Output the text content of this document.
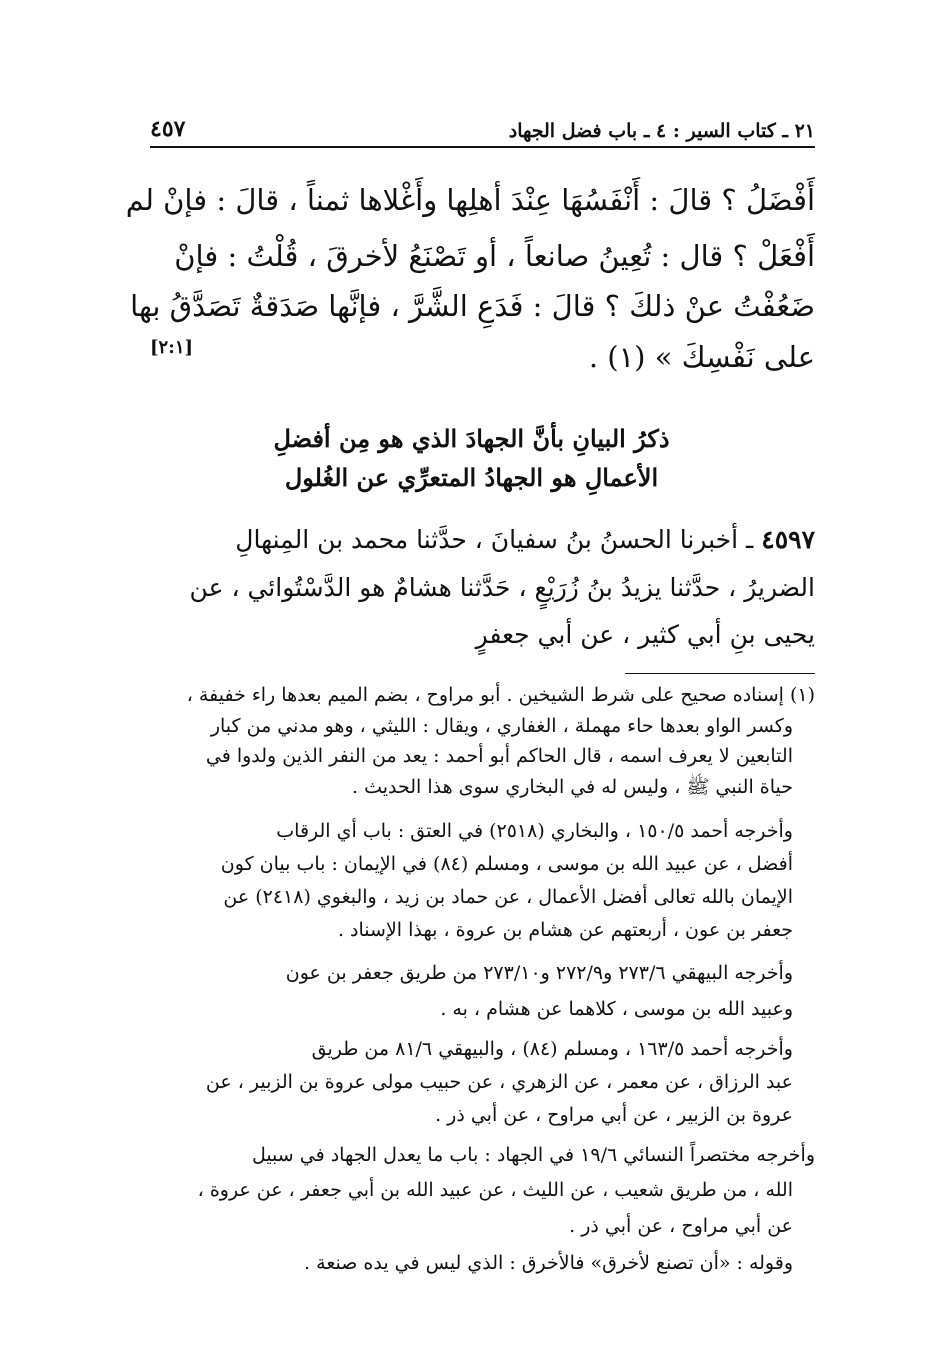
٢١ ـ كتاب السير : ٤ ـ باب فضل الجهاد
٤٥٧
أَفْضَلُ ؟ قالَ : أَنْفَسُهَا عِنْدَ أهلِها وأَغْلاها ثمناً ، قالَ : فإنْ لم
أَفْعَلْ ؟ قال : تُعِينُ صانعاً ، أو تَصْنَعُ لأخرقَ ، قُلْتُ : فإنْ
ضَعُفْتُ عنْ ذلكَ ؟ قالَ : فَدَعِ الشَّرَّ ، فإنَّها صَدَقةٌ تَصَدَّقُ بها
على نَفْسِكَ » (١) .
[٢:١]
ذكرُ البيانِ بأنَّ الجهادَ الذي هو مِن أفضلِ
الأعمالِ هو الجهادُ المتعرِّي عن الغُلول
٤٥٩٧ ـ أخبرنا الحسنُ بنُ سفيانَ ، حدَّثنا محمد بن المِنهالِ
الضريرُ ، حدَّثنا يزيدُ بنُ زُرَيْعٍ ، حَدَّثنا هشامٌ هو الدَّسْتُوائي ، عن
يحيى بنِ أبي كثير ، عن أبي جعفرٍ
(١) إسناده صحيح على شرط الشيخين . أبو مراوح ، بضم الميم بعدها راء خفيفة ،
وكسر الواو بعدها حاء مهملة ، الغفاري ، ويقال : الليثي ، وهو مدني من كبار
التابعين لا يعرف اسمه ، قال الحاكم أبو أحمد : يعد من النفر الذين ولدوا في
حياة النبي ﷺ ، وليس له في البخاري سوى هذا الحديث .
وأخرجه أحمد ١٥٠/٥ ، والبخاري (٢٥١٨) في العتق : باب أي الرقاب
أفضل ، عن عبيد الله بن موسى ، ومسلم (٨٤) في الإيمان : باب بيان كون
الإيمان بالله تعالى أفضل الأعمال ، عن حماد بن زيد ، والبغوي (٢٤١٨) عن
جعفر بن عون ، أربعتهم عن هشام بن عروة ، بهذا الإسناد .
وأخرجه البيهقي ٢٧٣/٦ و٢٧٢/٩ و٢٧٣/١٠ من طريق جعفر بن عون
وعبيد الله بن موسى ، كلاهما عن هشام ، به .
وأخرجه أحمد ١٦٣/٥ ، ومسلم (٨٤) ، والبيهقي ٨١/٦ من طريق
عبد الرزاق ، عن معمر ، عن الزهري ، عن حبيب مولى عروة بن الزبير ، عن
عروة بن الزبير ، عن أبي مراوح ، عن أبي ذر .
وأخرجه مختصراً النسائي ١٩/٦ في الجهاد : باب ما يعدل الجهاد في سبيل
الله ، من طريق شعيب ، عن الليث ، عن عبيد الله بن أبي جعفر ، عن عروة ،
عن أبي مراوح ، عن أبي ذر .
وقوله : «أن تصنع لأخرق» فالأخرق : الذي ليس في يده صنعة .
